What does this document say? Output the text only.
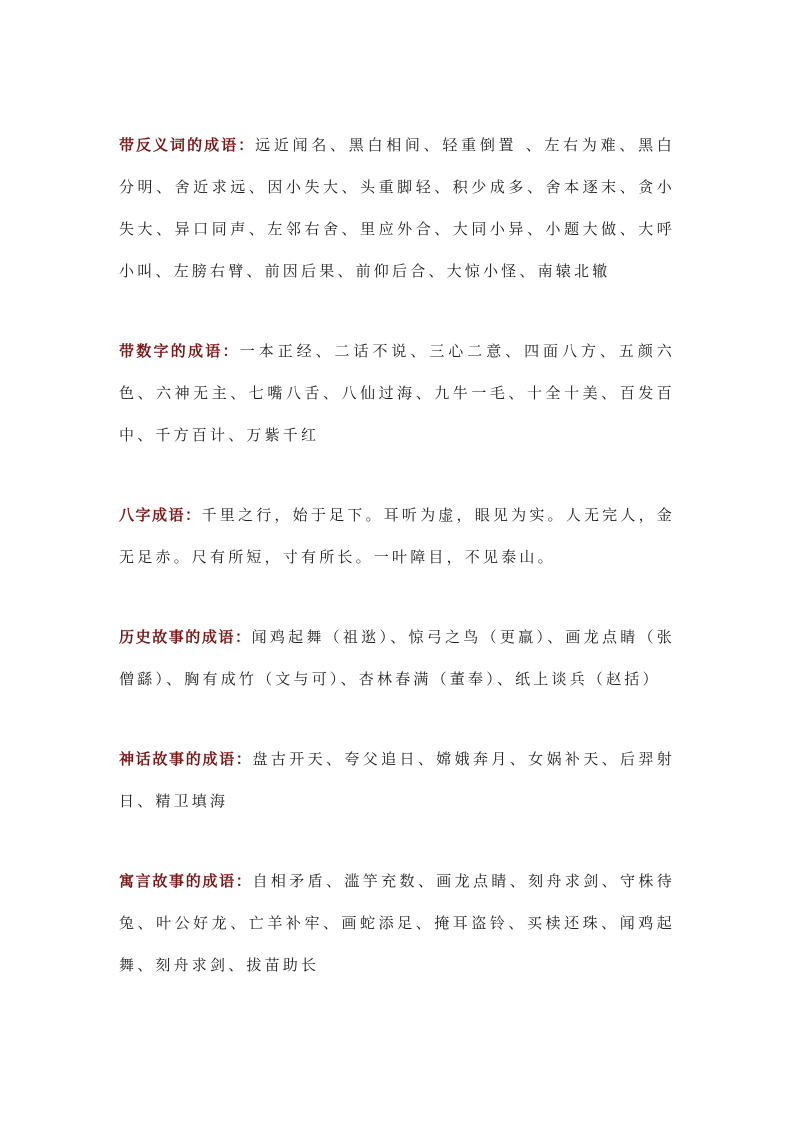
带反义词的成语：远近闻名、黑白相间、轻重倒置 、左右为难、黑白分明、舍近求远、因小失大、头重脚轻、积少成多、舍本逐末、贪小失大、异口同声、左邻右舍、里应外合、大同小异、小题大做、大呼小叫、左膀右臂、前因后果、前仰后合、大惊小怪、南辕北辙

带数字的成语：一本正经、二话不说、三心二意、四面八方、五颜六色、六神无主、七嘴八舌、八仙过海、九牛一毛、十全十美、百发百中、千方百计、万紫千红

八字成语：千里之行，始于足下。耳听为虚，眼见为实。人无完人，金无足赤。尺有所短，寸有所长。一叶障目，不见泰山。

历史故事的成语：闻鸡起舞（祖逖）、惊弓之鸟（更羸）、画龙点睛（张僧繇）、胸有成竹（文与可）、杏林春满（董奉）、纸上谈兵（赵括）

神话故事的成语：盘古开天、夸父追日、嫦娥奔月、女娲补天、后羿射日、精卫填海

寓言故事的成语：自相矛盾、滥竽充数、画龙点睛、刻舟求剑、守株待兔、叶公好龙、亡羊补牢、画蛇添足、掩耳盗铃、买椟还珠、闻鸡起舞、刻舟求剑、拔苗助长
